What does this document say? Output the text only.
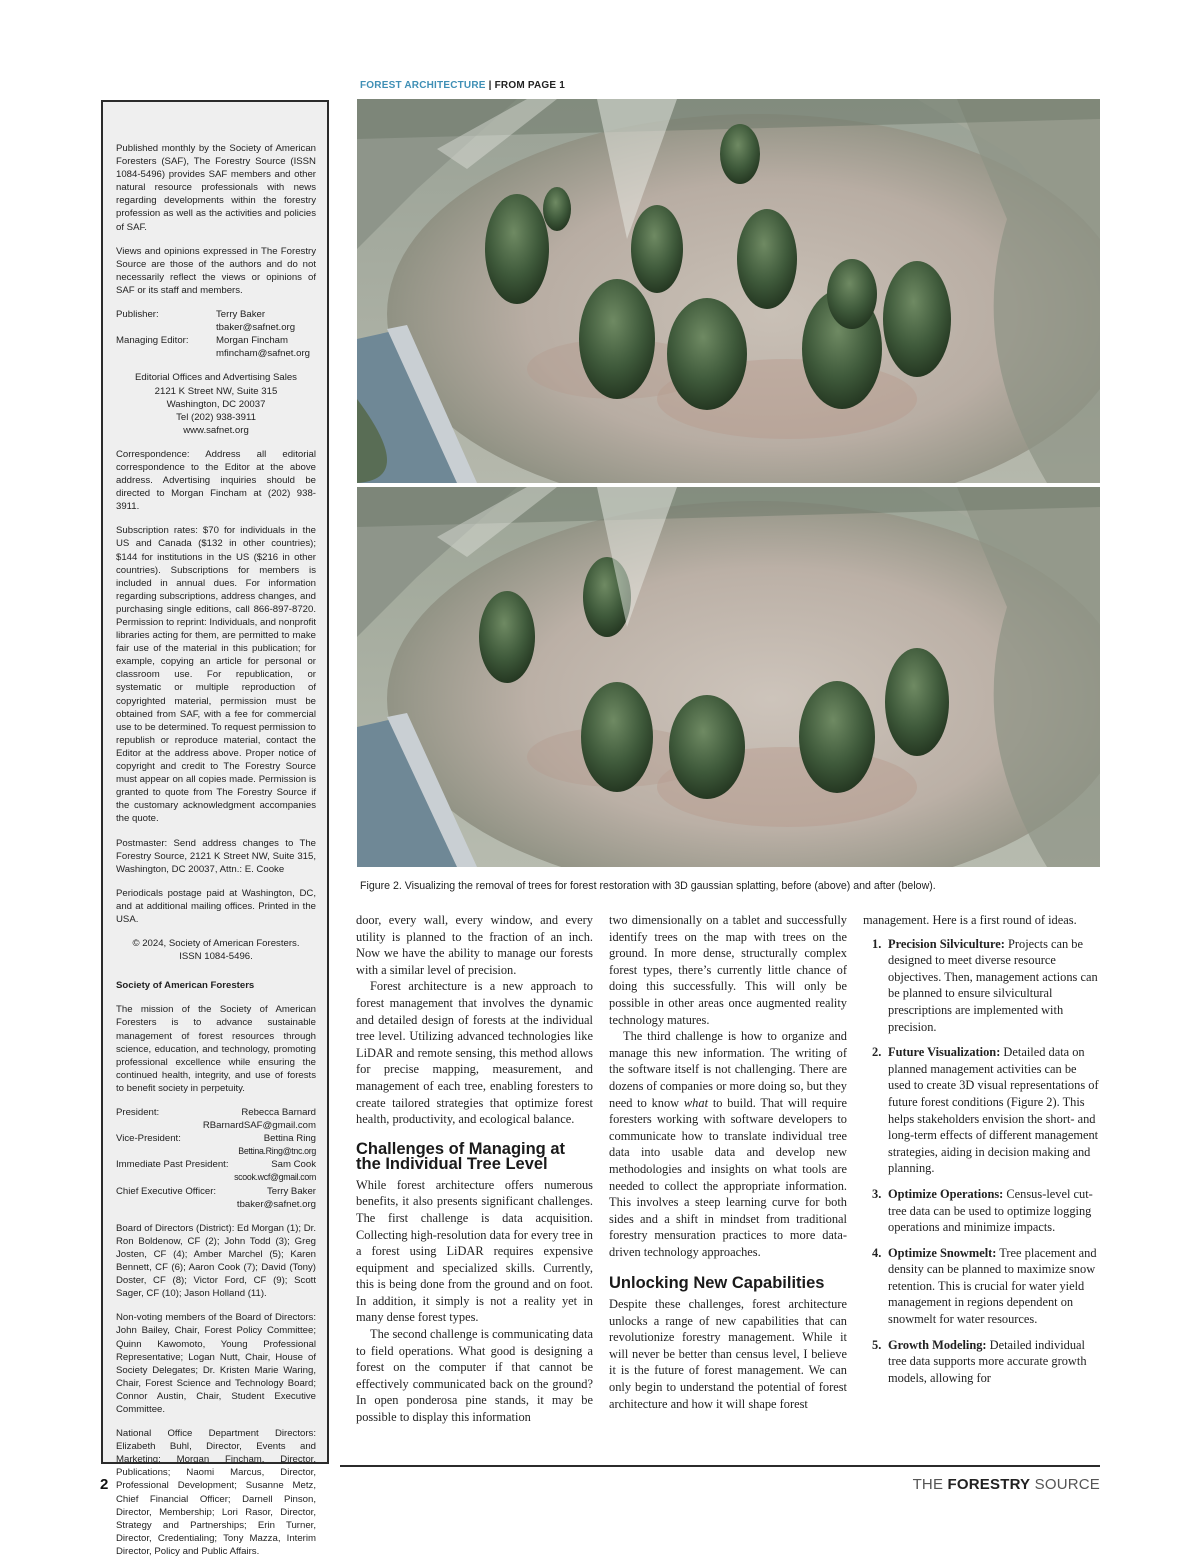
FOREST ARCHITECTURE | FROM PAGE 1

Published monthly by the Society of American Foresters (SAF), The Forestry Source (ISSN 1084-5496) provides SAF members and other natural resource professionals with news regarding developments within the forestry profession as well as the activities and policies of SAF.

Views and opinions expressed in The Forestry Source are those of the authors and do not necessarily reflect the views or opinions of SAF or its staff and members.

Publisher:	Terry Baker
tbaker@safnet.org
Managing Editor:	Morgan Fincham
mfincham@safnet.org
Editorial Offices and Advertising Sales
2121 K Street NW, Suite 315
Washington, DC 20037
Tel (202) 938-3911
www.safnet.org

Correspondence: Address all editorial correspondence to the Editor at the above address. Advertising inquiries should be directed to Morgan Fincham at (202) 938-3911.

Subscription rates: $70 for individuals in the US and Canada ($132 in other countries); $144 for institutions in the US ($216 in other countries). Subscriptions for members is included in annual dues. For information regarding subscriptions, address changes, and purchasing single editions, call 866-897-8720. Permission to reprint: Individuals, and nonprofit libraries acting for them, are permitted to make fair use of the material in this publication; for example, copying an article for personal or classroom use. For republication, or systematic or multiple reproduction of copyrighted material, permission must be obtained from SAF, with a fee for commercial use to be determined. To request permission to republish or reproduce material, contact the Editor at the address above. Proper notice of copyright and credit to The Forestry Source must appear on all copies made. Permission is granted to quote from The Forestry Source if the customary acknowledgment accompanies the quote.

Postmaster: Send address changes to The Forestry Source, 2121 K Street NW, Suite 315, Washington, DC 20037, Attn.: E. Cooke

Periodicals postage paid at Washington, DC, and at additional mailing offices. Printed in the USA.

© 2024, Society of American Foresters.
ISSN 1084-5496.

Society of American Foresters

The mission of the Society of American Foresters is to advance sustainable management of forest resources through science, education, and technology, promoting professional excellence while ensuring the continued health, integrity, and use of forests to benefit society in perpetuity.

President:	Rebecca Barnard
RBarnardSAF@gmail.com
Vice-President:	Bettina Ring
Bettina.Ring@tnc.org
Immediate Past President:	Sam Cook
scook.wcf@gmail.com
Chief Executive Officer:	Terry Baker
tbaker@safnet.org

Board of Directors (District): Ed Morgan (1); Dr. Ron Boldenow, CF (2); John Todd (3); Greg Josten, CF (4); Amber Marchel (5); Karen Bennett, CF (6); Aaron Cook (7); David (Tony) Doster, CF (8); Victor Ford, CF (9); Scott Sager, CF (10); Jason Holland (11).

Non-voting members of the Board of Directors: John Bailey, Chair, Forest Policy Committee; Quinn Kawomoto, Young Professional Representative; Logan Nutt, Chair, House of Society Delegates; Dr. Kristen Marie Waring, Chair, Forest Science and Technology Board; Connor Austin, Chair, Student Executive Committee.

National Office Department Directors: Elizabeth Buhl, Director, Events and Marketing; Morgan Fincham, Director, Publications; Naomi Marcus, Director, Professional Development; Susanne Metz, Chief Financial Officer; Darnell Pinson, Director, Membership; Lori Rasor, Director, Strategy and Partnerships; Erin Turner, Director, Credentialing; Tony Mazza, Interim Director, Policy and Public Affairs.

Figure 2. Visualizing the removal of trees for forest restoration with 3D gaussian splatting, before (above) and after (below).

door, every wall, every window, and every utility is planned to the fraction of an inch. Now we have the ability to manage our forests with a similar level of precision.

Forest architecture is a new approach to forest management that involves the dynamic and detailed design of forests at the individual tree level. Utilizing advanced technologies like LiDAR and remote sensing, this method allows for precise mapping, measurement, and management of each tree, enabling foresters to create tailored strategies that optimize forest health, productivity, and ecological balance.

Challenges of Managing at the Individual Tree Level

While forest architecture offers numerous benefits, it also presents significant challenges. The first challenge is data acquisition. Collecting high-resolution data for every tree in a forest using LiDAR requires expensive equipment and specialized skills. Currently, this is being done from the ground and on foot. In addition, it simply is not a reality yet in many dense forest types.

The second challenge is communicating data to field operations. What good is designing a forest on the computer if that cannot be effectively communicated back on the ground? In open ponderosa pine stands, it may be possible to display this information

two dimensionally on a tablet and successfully identify trees on the map with trees on the ground. In more dense, structurally complex forest types, there’s currently little chance of doing this successfully. This will only be possible in other areas once augmented reality technology matures.

The third challenge is how to organize and manage this new information. The writing of the software itself is not challenging. There are dozens of companies or more doing so, but they need to know what to build. That will require foresters working with software developers to communicate how to translate individual tree data into usable data and develop new methodologies and insights on what tools are needed to collect the appropriate information. This involves a steep learning curve for both sides and a shift in mindset from traditional forestry mensuration practices to more data-driven technology approaches.

Unlocking New Capabilities

Despite these challenges, forest architecture unlocks a range of new capabilities that can revolutionize forestry management. While it will never be better than census level, I believe it is the future of forest management. We can only begin to understand the potential of forest architecture and how it will shape forest

management. Here is a first round of ideas.

1. Precision Silviculture: Projects can be designed to meet diverse resource objectives. Then, management actions can be planned to ensure silvicultural prescriptions are implemented with precision.
2. Future Visualization: Detailed data on planned management activities can be used to create 3D visual representations of future forest conditions (Figure 2). This helps stakeholders envision the short- and long-term effects of different management strategies, aiding in decision making and planning.
3. Optimize Operations: Census-level cut-tree data can be used to optimize logging operations and minimize impacts.
4. Optimize Snowmelt: Tree placement and density can be planned to maximize snow retention. This is crucial for water yield management in regions dependent on snowmelt for water resources.
5. Growth Modeling: Detailed individual tree data supports more accurate growth models, allowing for
2	THE FORESTRY SOURCE
